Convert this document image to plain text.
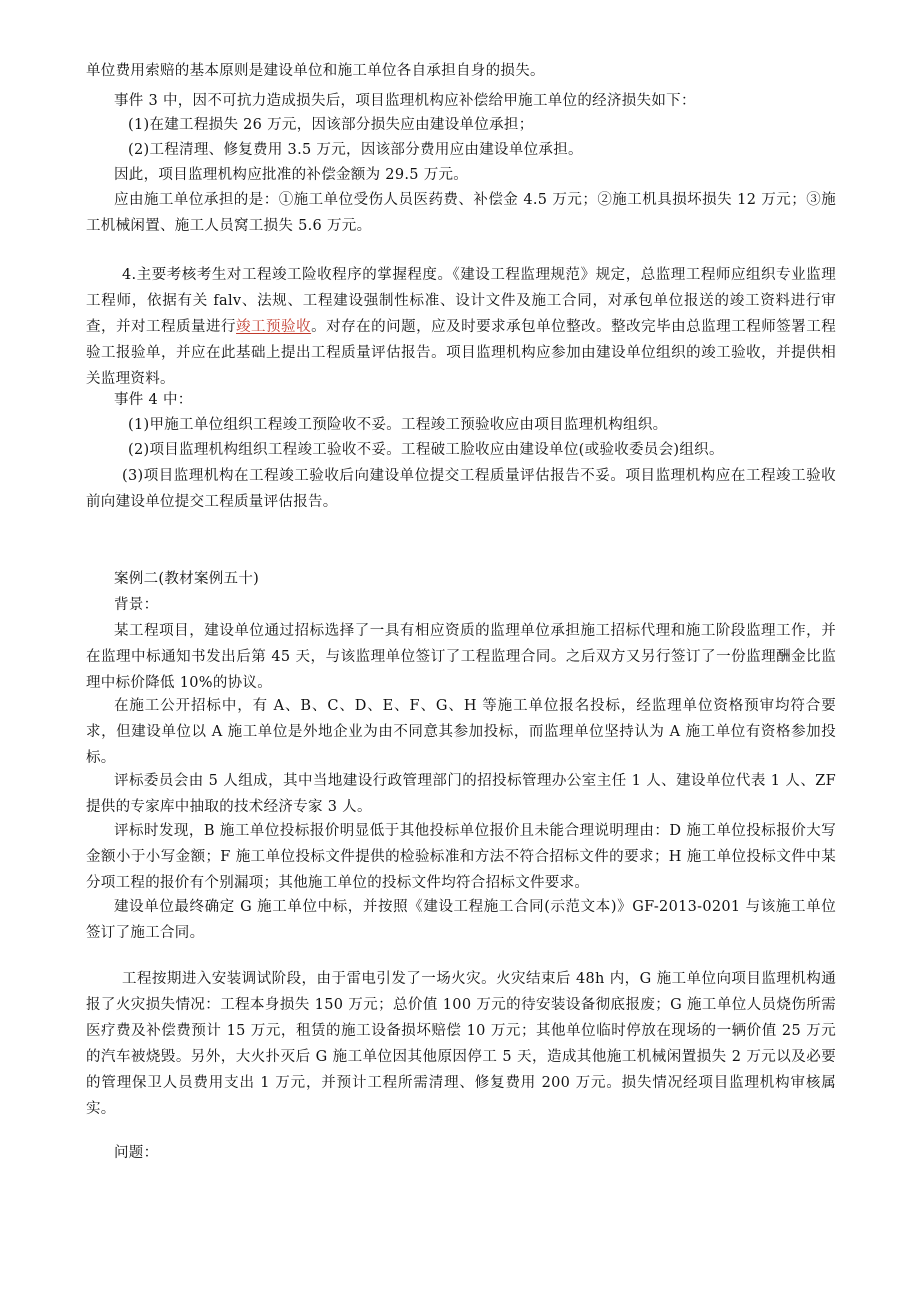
单位费用索赔的基本原则是建设单位和施工单位各自承担自身的损失。

事件 3 中，因不可抗力造成损失后，项目监理机构应补偿给甲施工单位的经济损失如下：

(1)在建工程损失 26 万元，因该部分损失应由建设单位承担；

(2)工程清理、修复费用 3.5 万元，因该部分费用应由建设单位承担。

因此，项目监理机构应批准的补偿金额为 29.5 万元。

应由施工单位承担的是：①施工单位受伤人员医药费、补偿金 4.5 万元；②施工机具损坏损失 12 万元；③施工机械闲置、施工人员窝工损失 5.6 万元。

4.主要考核考生对工程竣工险收程序的掌握程度。《建设工程监理规范》规定，总监理工程师应组织专业监理工程师，依据有关 falv、法规、工程建设强制性标准、设计文件及施工合同，对承包单位报送的竣工资料进行审查，并对工程质量进行竣工预验收。对存在的问题，应及时要求承包单位整改。整改完毕由总监理工程师签署工程验工报验单，并应在此基础上提出工程质量评估报告。项目监理机构应参加由建设单位组织的竣工验收，并提供相关监理资料。

事件 4 中：

(1)甲施工单位组织工程竣工预险收不妥。工程竣工预验收应由项目监理机构组织。

(2)项目监理机构组织工程竣工验收不妥。工程破工脸收应由建设单位(或验收委员会)组织。

(3)项目监理机构在工程竣工验收后向建设单位提交工程质量评估报告不妥。项目监理机构应在工程竣工验收前向建设单位提交工程质量评估报告。

案例二(教材案例五十)

背景：

某工程项目，建设单位通过招标选择了一具有相应资质的监理单位承担施工招标代理和施工阶段监理工作，并在监理中标通知书发出后第 45 天，与该监理单位签订了工程监理合同。之后双方又另行签订了一份监理酬金比监理中标价降低 10%的协议。

在施工公开招标中，有 A、B、C、D、E、F、G、H 等施工单位报名投标，经监理单位资格预审均符合要求，但建设单位以 A 施工单位是外地企业为由不同意其参加投标，而监理单位坚持认为 A 施工单位有资格参加投标。

评标委员会由 5 人组成，其中当地建设行政管理部门的招投标管理办公室主任 1 人、建设单位代表 1 人、ZF 提供的专家库中抽取的技术经济专家 3 人。

评标时发现，B 施工单位投标报价明显低于其他投标单位报价且未能合理说明理由：D 施工单位投标报价大写金额小于小写金额；F 施工单位投标文件提供的检验标准和方法不符合招标文件的要求；H 施工单位投标文件中某分项工程的报价有个别漏项；其他施工单位的投标文件均符合招标文件要求。

建设单位最终确定 G 施工单位中标，并按照《建设工程施工合同(示范文本)》GF-2013-0201 与该施工单位签订了施工合同。

工程按期进入安装调试阶段，由于雷电引发了一场火灾。火灾结束后 48h 内，G 施工单位向项目监理机构通报了火灾损失情况：工程本身损失 150 万元；总价值 100 万元的待安装设备彻底报废；G 施工单位人员烧伤所需医疗费及补偿费预计 15 万元，租赁的施工设备损坏赔偿 10 万元；其他单位临时停放在现场的一辆价值 25 万元的汽车被烧毁。另外，大火扑灭后 G 施工单位因其他原因停工 5 天，造成其他施工机械闲置损失 2 万元以及必要的管理保卫人员费用支出 1 万元，并预计工程所需清理、修复费用 200 万元。损失情况经项目监理机构审核属实。

问题：
